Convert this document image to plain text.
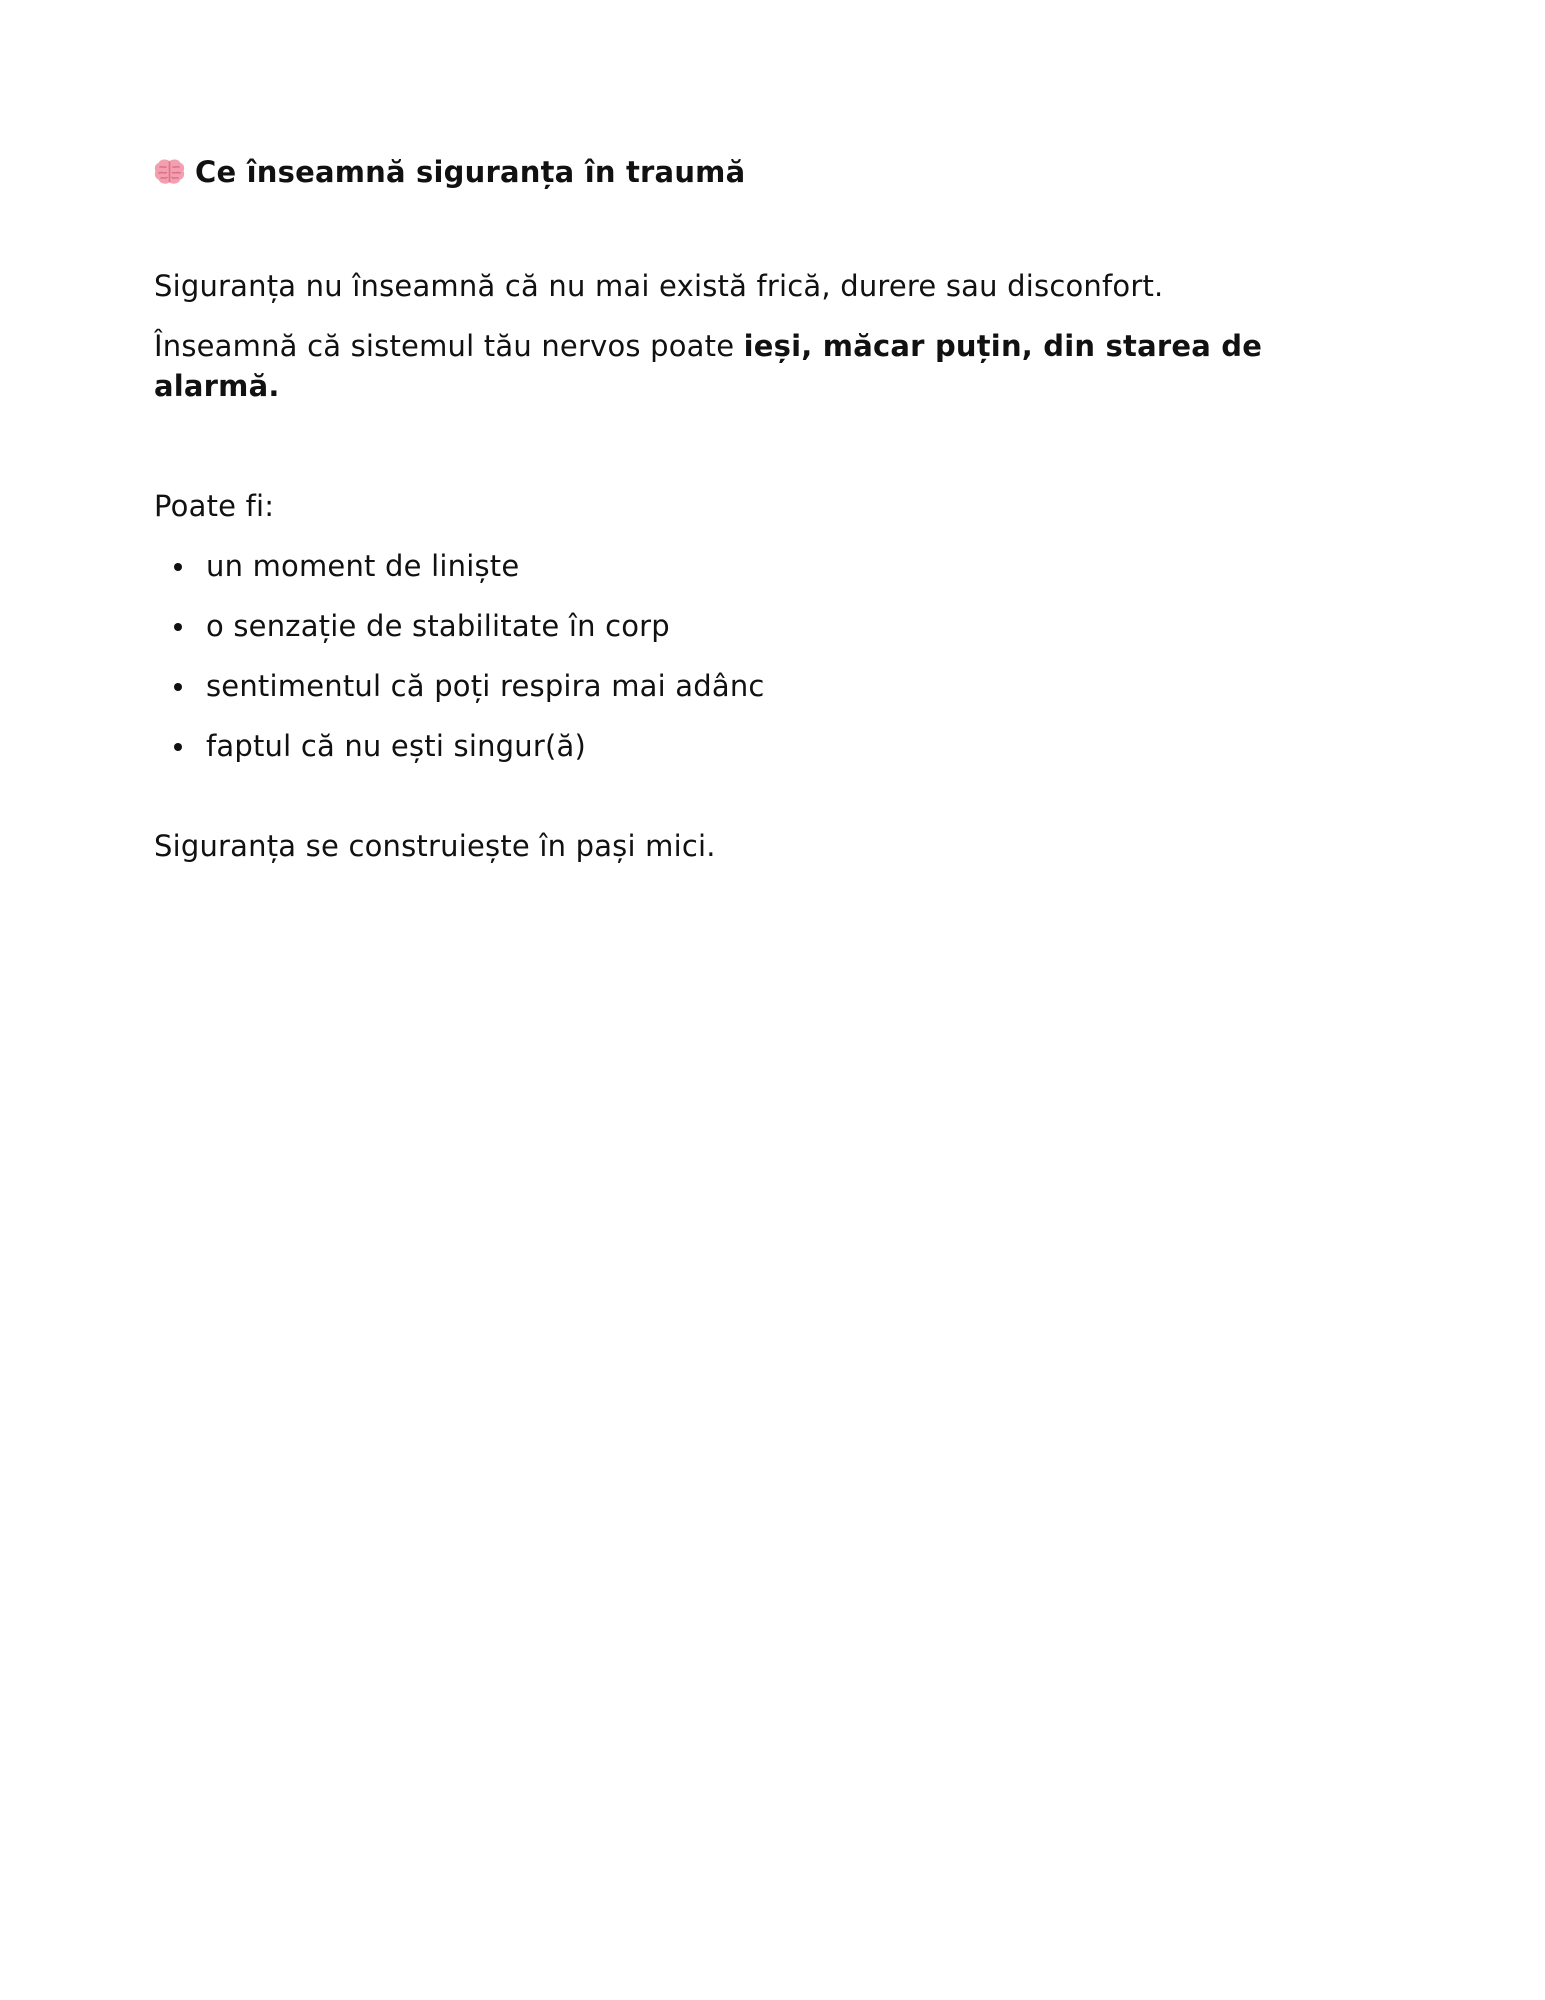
Ce înseamnă siguranța în traumă

Siguranța nu înseamnă că nu mai există frică, durere sau disconfort.

Înseamnă că sistemul tău nervos poate ieși, măcar puțin, din starea de alarmă.

Poate fi:

un moment de liniște
o senzație de stabilitate în corp
sentimentul că poți respira mai adânc
faptul că nu ești singur(ă)

Siguranța se construiește în pași mici.
